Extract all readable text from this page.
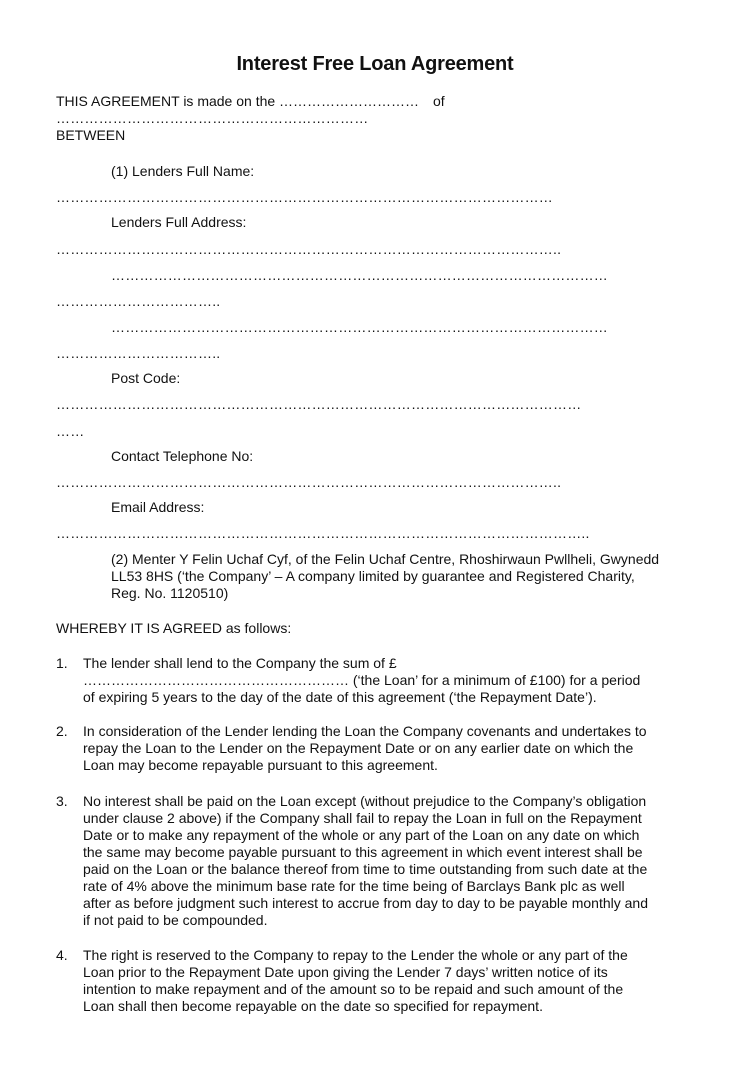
Interest Free Loan Agreement
THIS AGREEMENT is made on the ………………………… of
…………………………………………………………
BETWEEN
(1) Lenders Full Name:
……………………………………………………………………………………………
Lenders Full Address:
……………………………………………………………………………………………..
……………………………………………………………………………………………
……………………………..
……………………………………………………………………………………………
……………………………..
Post Code:
…………………………………………………………………………………………………
……
Contact Telephone No:
……………………………………………………………………………………………..
Email Address:
…………………………………………………………………………………………………..
(2) Menter Y Felin Uchaf Cyf, of the Felin Uchaf Centre, Rhoshirwaun Pwllheli, Gwynedd
LL53 8HS (‘the Company’ – A company limited by guarantee and Registered Charity,
Reg. No. 1120510)
WHEREBY IT IS AGREED as follows:
1. The lender shall lend to the Company the sum of £
………………………………………………… (‘the Loan’ for a minimum of £100) for a period
of expiring 5 years to the day of the date of this agreement (‘the Repayment Date’).
2. In consideration of the Lender lending the Loan the Company covenants and undertakes to
repay the Loan to the Lender on the Repayment Date or on any earlier date on which the
Loan may become repayable pursuant to this agreement.
3. No interest shall be paid on the Loan except (without prejudice to the Company’s obligation
under clause 2 above) if the Company shall fail to repay the Loan in full on the Repayment
Date or to make any repayment of the whole or any part of the Loan on any date on which
the same may become payable pursuant to this agreement in which event interest shall be
paid on the Loan or the balance thereof from time to time outstanding from such date at the
rate of 4% above the minimum base rate for the time being of Barclays Bank plc as well
after as before judgment such interest to accrue from day to day to be payable monthly and
if not paid to be compounded.
4. The right is reserved to the Company to repay to the Lender the whole or any part of the
Loan prior to the Repayment Date upon giving the Lender 7 days’ written notice of its
intention to make repayment and of the amount so to be repaid and such amount of the
Loan shall then become repayable on the date so specified for repayment.
